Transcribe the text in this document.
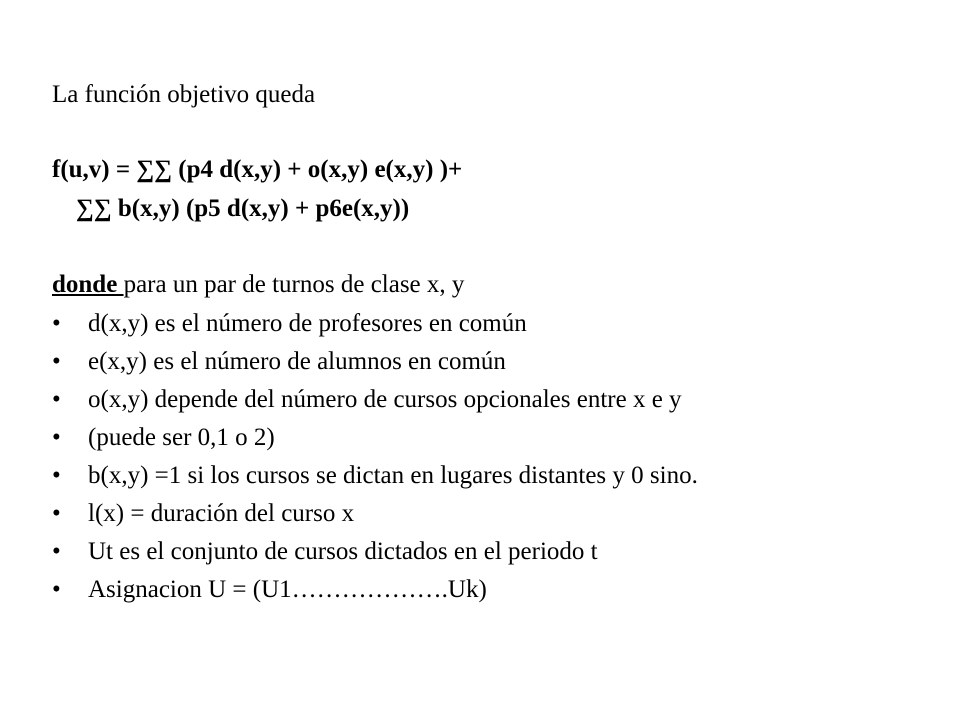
La función objetivo queda
f(u,v) = ∑∑ (p4 d(x,y) + o(x,y) e(x,y) )+
∑∑ b(x,y) (p5 d(x,y) + p6e(x,y))
donde para un par de turnos de clase x, y
•	d(x,y) es el número de profesores en común
•	e(x,y) es el número de alumnos en común
•	o(x,y) depende del número de cursos opcionales entre x e y
•	(puede ser 0,1 o 2)
•	b(x,y) =1 si los cursos se dictan en lugares distantes y 0 sino.
•	l(x) = duración del curso x
•	Ut es el conjunto de cursos dictados en el periodo t
•	Asignacion U = (U1……………….Uk)
